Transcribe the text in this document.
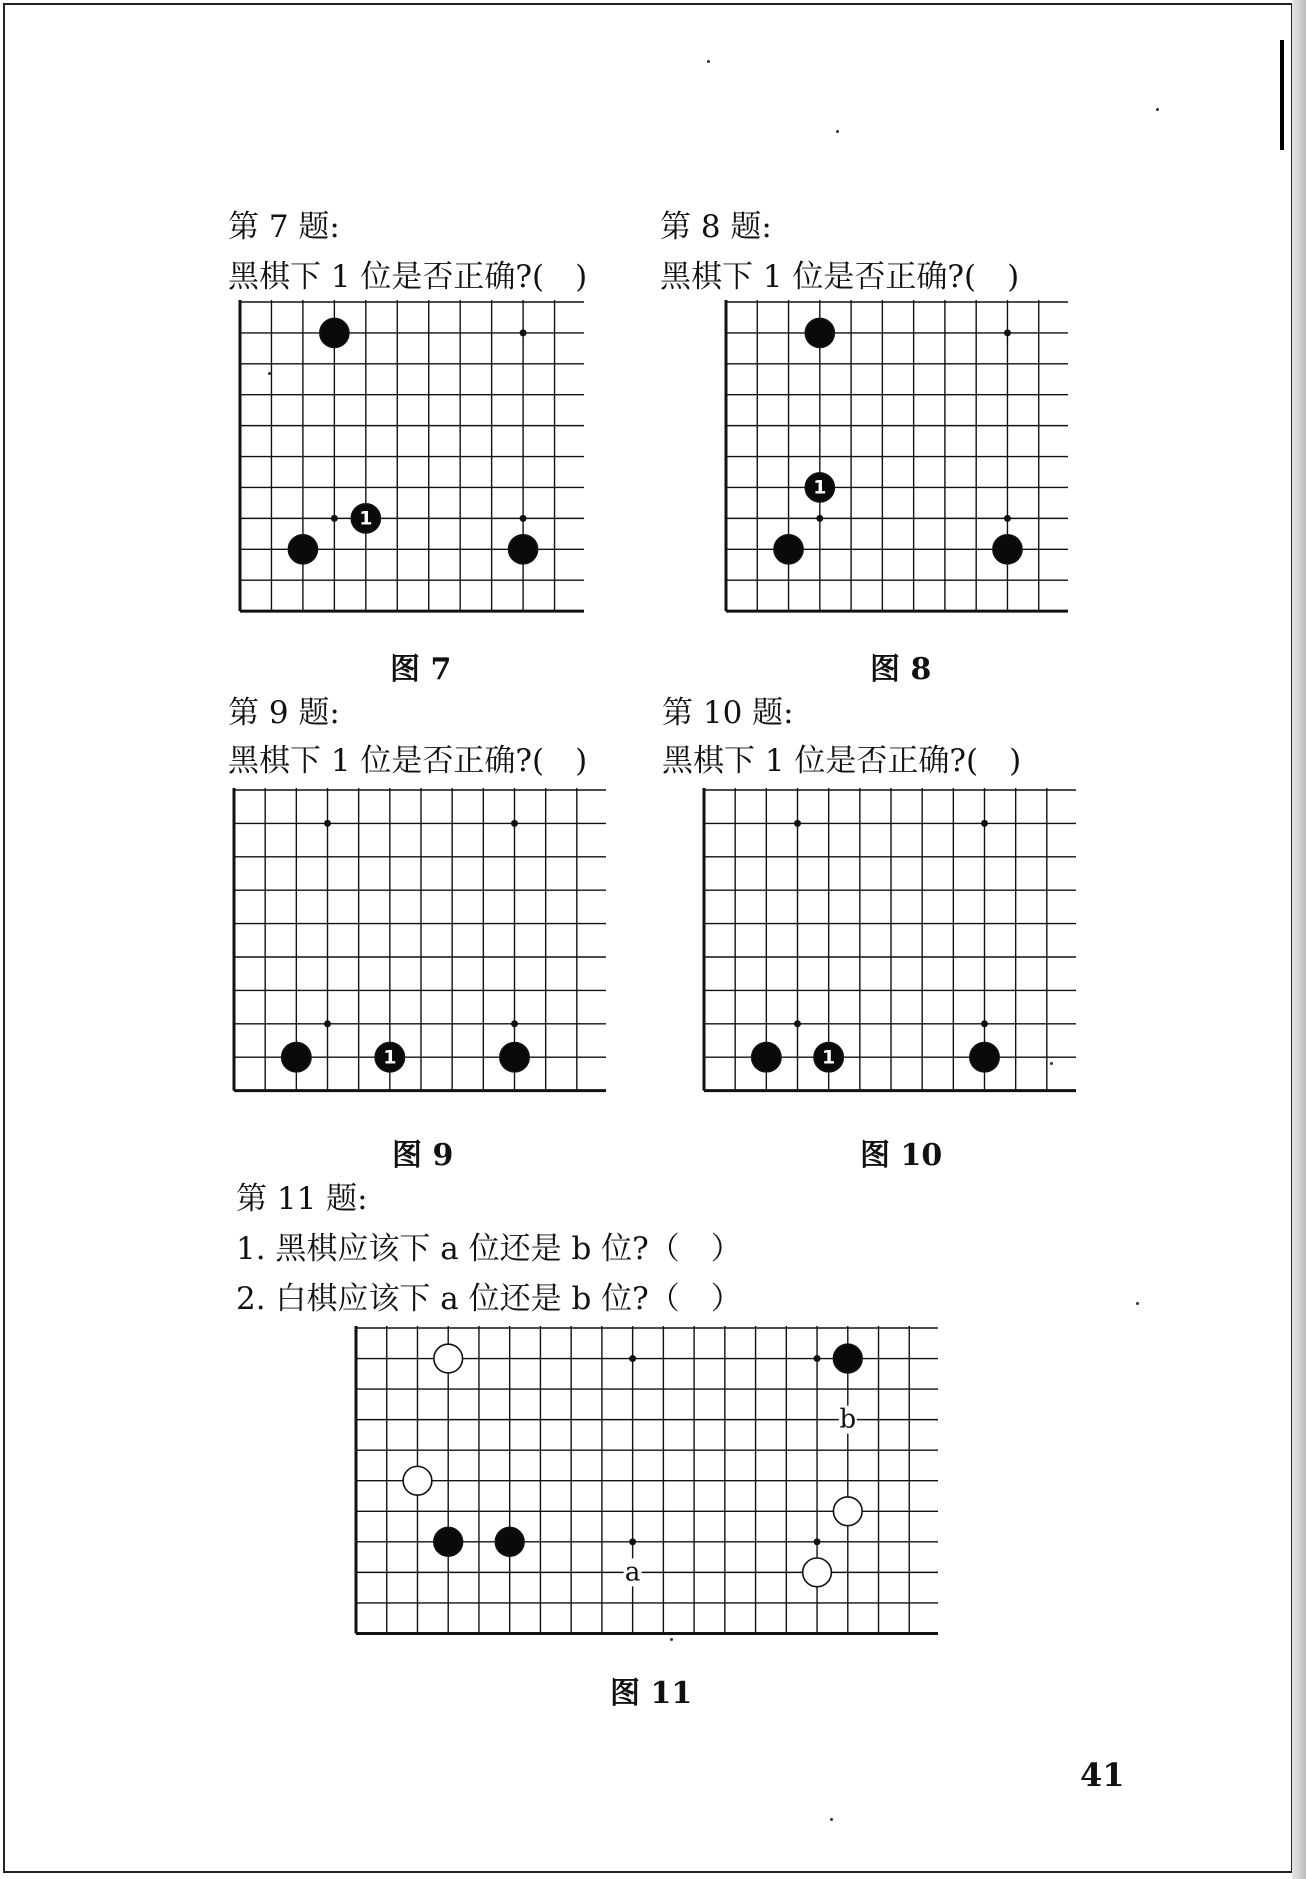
第 7 题:
黑棋下 1 位是否正确?(　)
1
图 7
第 8 题:
黑棋下 1 位是否正确?(　)
1
图 8
第 9 题:
黑棋下 1 位是否正确?(　)
1
图 9
第 10 题:
黑棋下 1 位是否正确?(　)
1
图 10
第 11 题:
1. 黑棋应该下 a 位还是 b 位?（　）
2. 白棋应该下 a 位还是 b 位?（　）
b
a
图 11
41
